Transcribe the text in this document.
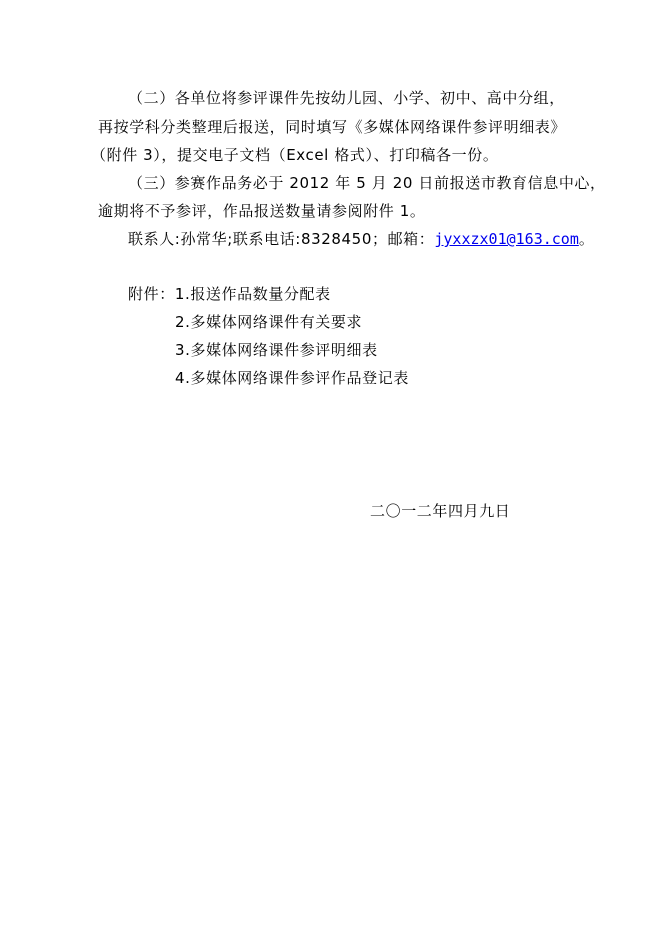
（二）各单位将参评课件先按幼儿园、小学、初中、高中分组，
再按学科分类整理后报送，同时填写《多媒体网络课件参评明细表》
（附件 3），提交电子文档（Excel 格式）、打印稿各一份。
（三）参赛作品务必于 2012 年 5 月 20 日前报送市教育信息中心，
逾期将不予参评，作品报送数量请参阅附件 1。
联系人:孙常华;联系电话:8328450；邮箱：jyxxzx01@163.com。
附件：1.报送作品数量分配表
2.多媒体网络课件有关要求
3.多媒体网络课件参评明细表
4.多媒体网络课件参评作品登记表
二〇一二年四月九日
